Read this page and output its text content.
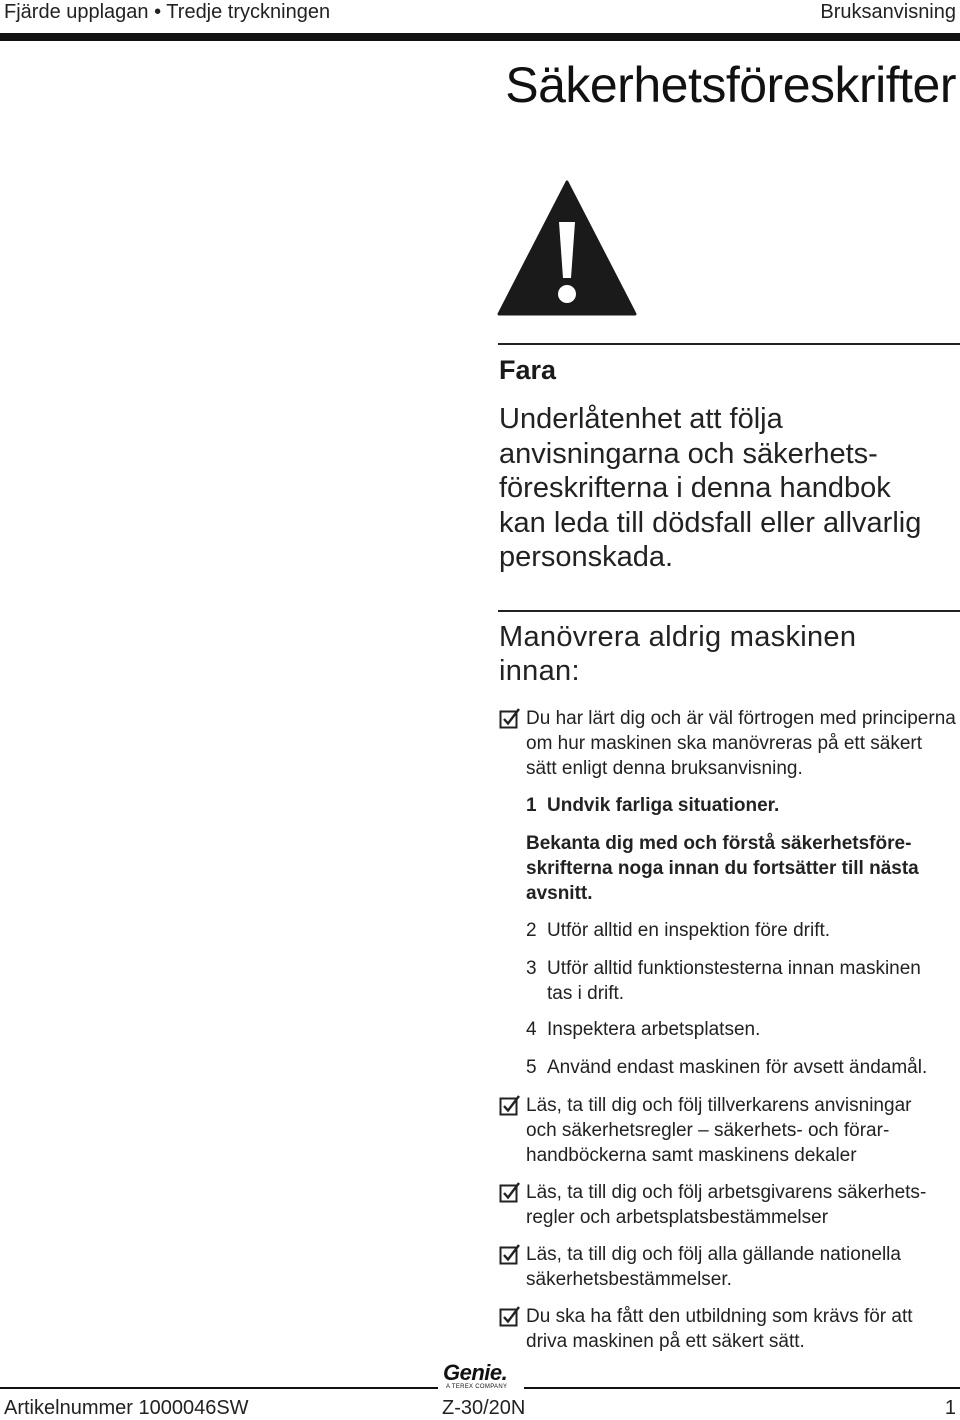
Fjärde upplagan • Tredje tryckningen	Bruksanvisning
Säkerhetsföreskrifter
Fara
Underlåtenhet att följa anvisningarna och säkerhetsföreskrifterna i denna handbok kan leda till dödsfall eller allvarlig personskada.
Manövrera aldrig maskinen innan:
Du har lärt dig och är väl förtrogen med principerna om hur maskinen ska manövreras på ett säkert sätt enligt denna bruksanvisning.
1 Undvik farliga situationer.
Bekanta dig med och förstå säkerhetsföreskrifterna noga innan du fortsätter till nästa avsnitt.
2 Utför alltid en inspektion före drift.
3 Utför alltid funktionstesterna innan maskinen tas i drift.
4 Inspektera arbetsplatsen.
5 Använd endast maskinen för avsett ändamål.
Läs, ta till dig och följ tillverkarens anvisningar och säkerhetsregler – säkerhets- och förarhandböckerna samt maskinens dekaler
Läs, ta till dig och följ arbetsgivarens säkerhetsregler och arbetsplatsbestämmelser
Läs, ta till dig och följ alla gällande nationella säkerhetsbestämmelser.
Du ska ha fått den utbildning som krävs för att driva maskinen på ett säkert sätt.
Genie.
A TEREX COMPANY
Artikelnummer 1000046SW	Z-30/20N	1
